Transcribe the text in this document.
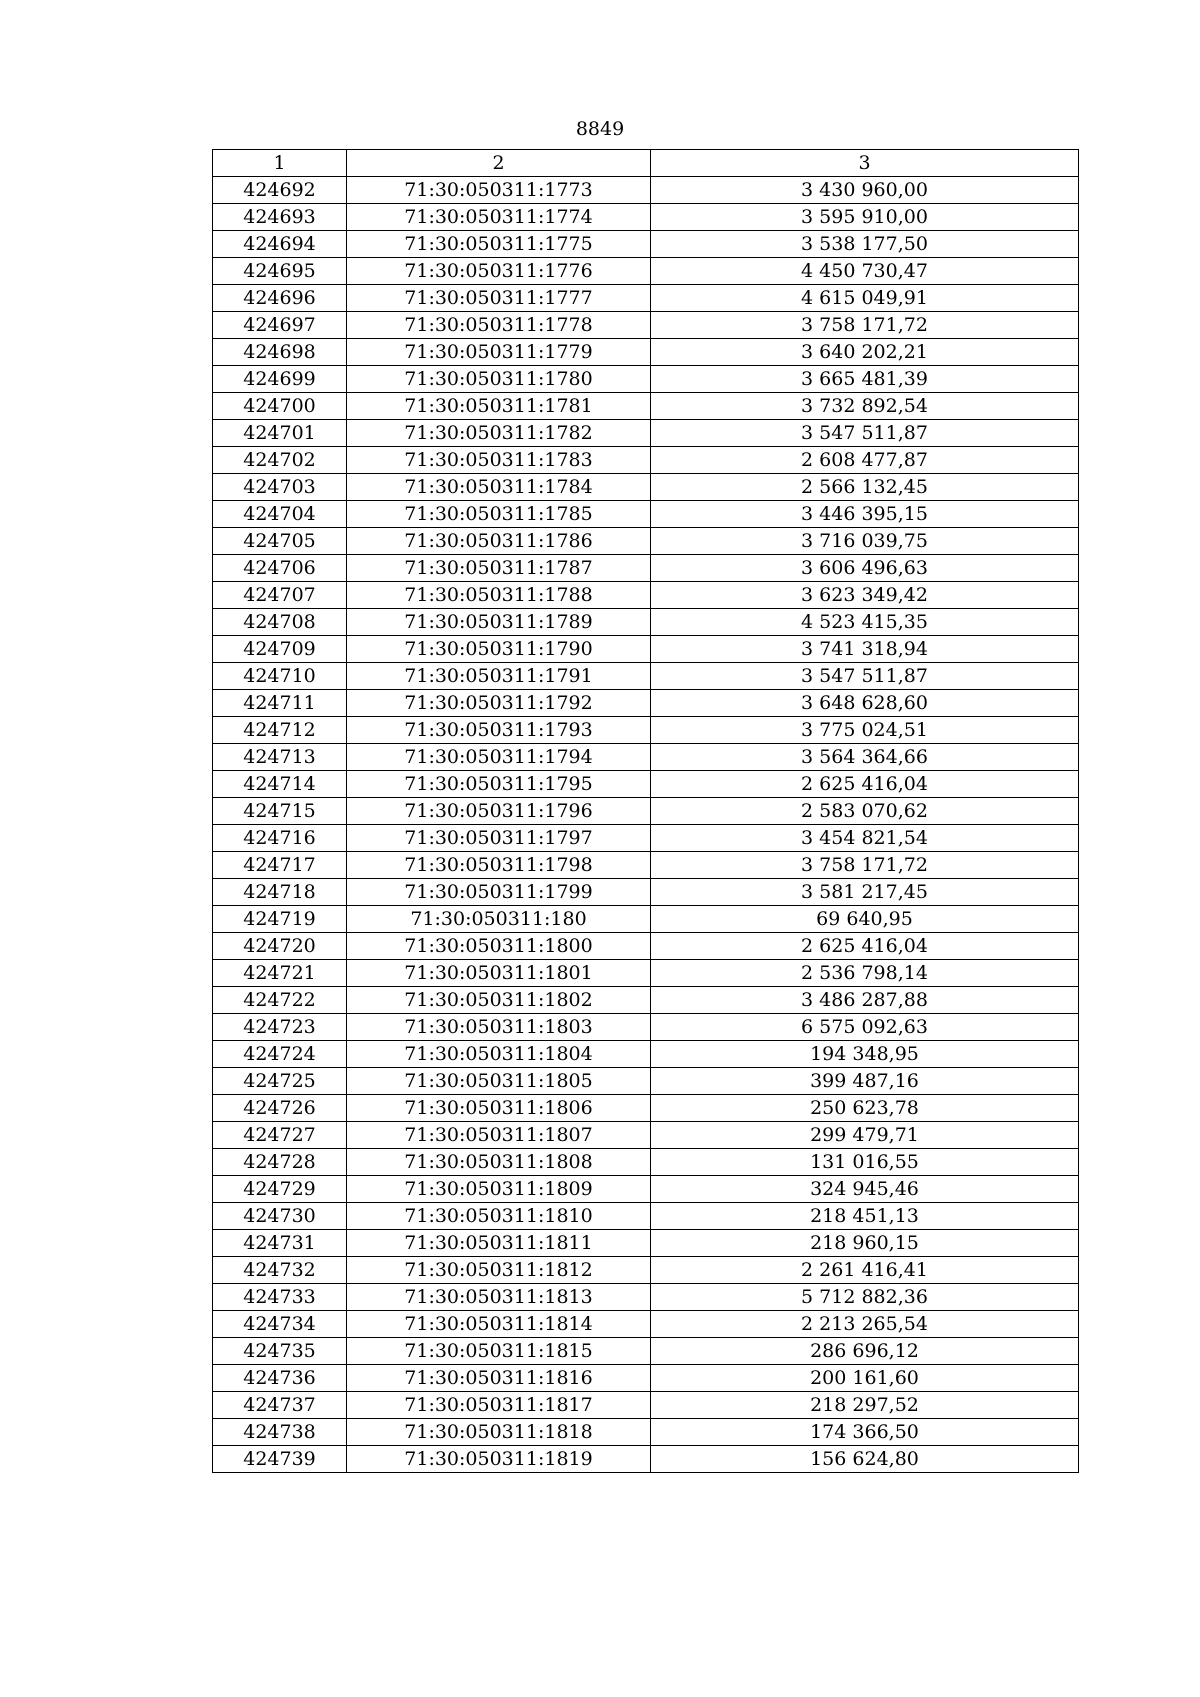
8849
1	2	3
424692	71:30:050311:1773	3 430 960,00
424693	71:30:050311:1774	3 595 910,00
424694	71:30:050311:1775	3 538 177,50
424695	71:30:050311:1776	4 450 730,47
424696	71:30:050311:1777	4 615 049,91
424697	71:30:050311:1778	3 758 171,72
424698	71:30:050311:1779	3 640 202,21
424699	71:30:050311:1780	3 665 481,39
424700	71:30:050311:1781	3 732 892,54
424701	71:30:050311:1782	3 547 511,87
424702	71:30:050311:1783	2 608 477,87
424703	71:30:050311:1784	2 566 132,45
424704	71:30:050311:1785	3 446 395,15
424705	71:30:050311:1786	3 716 039,75
424706	71:30:050311:1787	3 606 496,63
424707	71:30:050311:1788	3 623 349,42
424708	71:30:050311:1789	4 523 415,35
424709	71:30:050311:1790	3 741 318,94
424710	71:30:050311:1791	3 547 511,87
424711	71:30:050311:1792	3 648 628,60
424712	71:30:050311:1793	3 775 024,51
424713	71:30:050311:1794	3 564 364,66
424714	71:30:050311:1795	2 625 416,04
424715	71:30:050311:1796	2 583 070,62
424716	71:30:050311:1797	3 454 821,54
424717	71:30:050311:1798	3 758 171,72
424718	71:30:050311:1799	3 581 217,45
424719	71:30:050311:180	69 640,95
424720	71:30:050311:1800	2 625 416,04
424721	71:30:050311:1801	2 536 798,14
424722	71:30:050311:1802	3 486 287,88
424723	71:30:050311:1803	6 575 092,63
424724	71:30:050311:1804	194 348,95
424725	71:30:050311:1805	399 487,16
424726	71:30:050311:1806	250 623,78
424727	71:30:050311:1807	299 479,71
424728	71:30:050311:1808	131 016,55
424729	71:30:050311:1809	324 945,46
424730	71:30:050311:1810	218 451,13
424731	71:30:050311:1811	218 960,15
424732	71:30:050311:1812	2 261 416,41
424733	71:30:050311:1813	5 712 882,36
424734	71:30:050311:1814	2 213 265,54
424735	71:30:050311:1815	286 696,12
424736	71:30:050311:1816	200 161,60
424737	71:30:050311:1817	218 297,52
424738	71:30:050311:1818	174 366,50
424739	71:30:050311:1819	156 624,80
